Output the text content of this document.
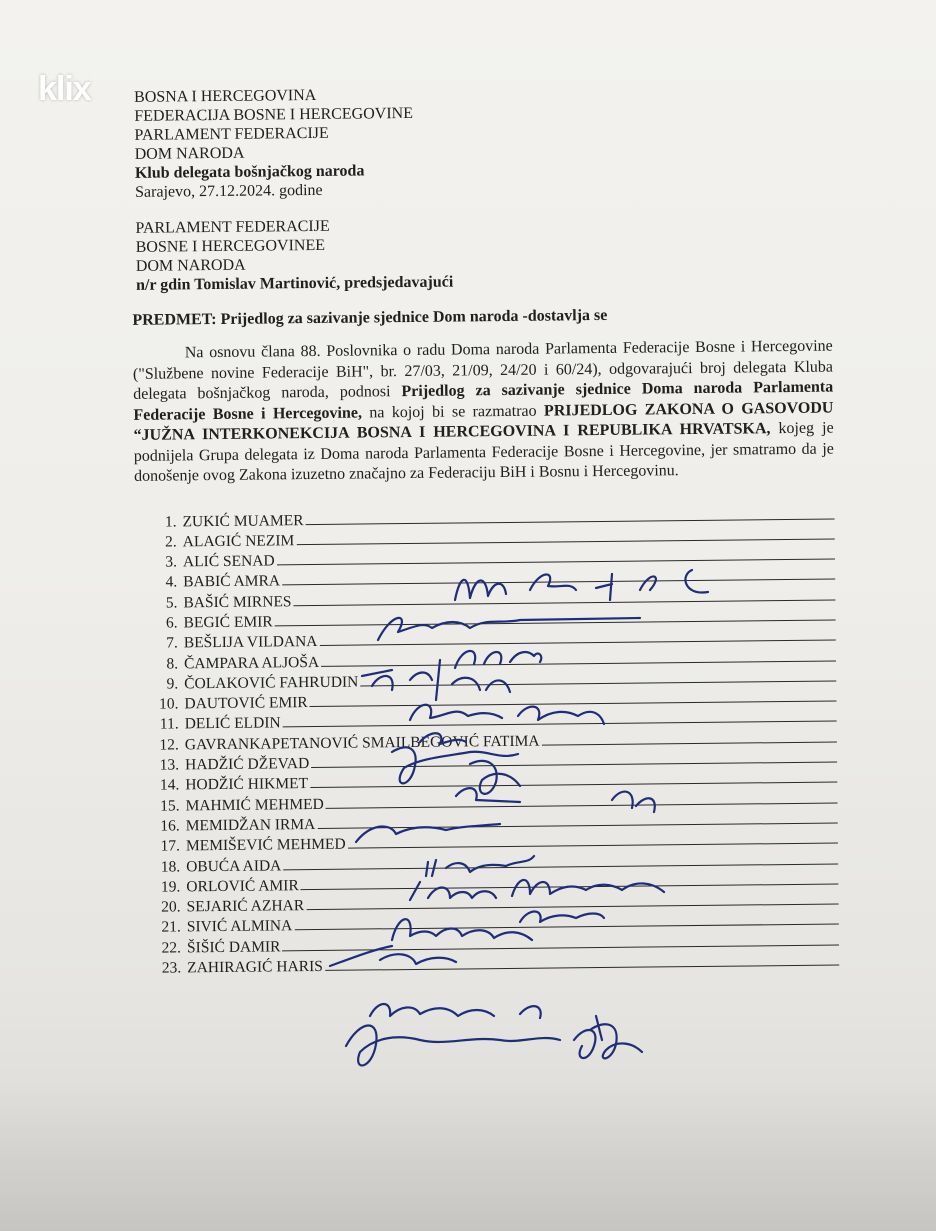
klix	BOSNA I HERCEGOVINA

FEDERACIJA BOSNE I HERCEGOVINE

PARLAMENT FEDERACIJE

DOM NARODA

Klub delegata bošnjačkog naroda

Sarajevo, 27.12.2024. godine

PARLAMENT FEDERACIJE

BOSNE I HERCEGOVINEE

DOM NARODA

n/r gdin Tomislav Martinović, predsjedavajući

PREDMET: Prijedlog za sazivanje sjednice Dom naroda -dostavlja se

Na osnovu člana 88. Poslovnika o radu Doma naroda Parlamenta Federacije Bosne i Hercegovine ("Službene novine Federacije BiH", br. 27/03, 21/09, 24/20 i 60/24), odgovarajući broj delegata Kluba delegata bošnjačkog naroda, podnosi Prijedlog za sazivanje sjednice Doma naroda Parlamenta Federacije Bosne i Hercegovine, na kojoj bi se razmatrao PRIJEDLOG ZAKONA O GASOVODU “JUŽNA INTERKONEKCIJA BOSNA I HERCEGOVINA I REPUBLIKA HRVATSKA, kojeg je podnijela Grupa delegata iz Doma naroda Parlamenta Federacije Bosne i Hercegovine, jer smatramo da je donošenje ovog Zakona izuzetno značajno za Federaciju BiH i Bosnu i Hercegovinu.

1. ZUKIĆ MUAMER
2. ALAGIĆ NEZIM
3. ALIĆ SENAD
4. BABIĆ AMRA
5. BAŠIĆ MIRNES
6. BEGIĆ EMIR
7. BEŠLIJA VILDANA
8. ČAMPARA ALJOŠA
9. ČOLAKOVIĆ FAHRUDIN
10. DAUTOVIĆ EMIR
11. DELIĆ ELDIN
12. GAVRANKAPETANOVIĆ SMAILBEGOVIĆ FATIMA
13. HADŽIĆ DŽEVAD
14. HODŽIĆ HIKMET
15. MAHMIĆ MEHMED
16. MEMIDŽAN IRMA
17. MEMIŠEVIĆ MEHMED
18. OBUĆA AIDA
19. ORLOVIĆ AMIR
20. SEJARIĆ AZHAR
21. SIVIĆ ALMINA
22. ŠIŠIĆ DAMIR
23. ZAHIRAGIĆ HARIS
